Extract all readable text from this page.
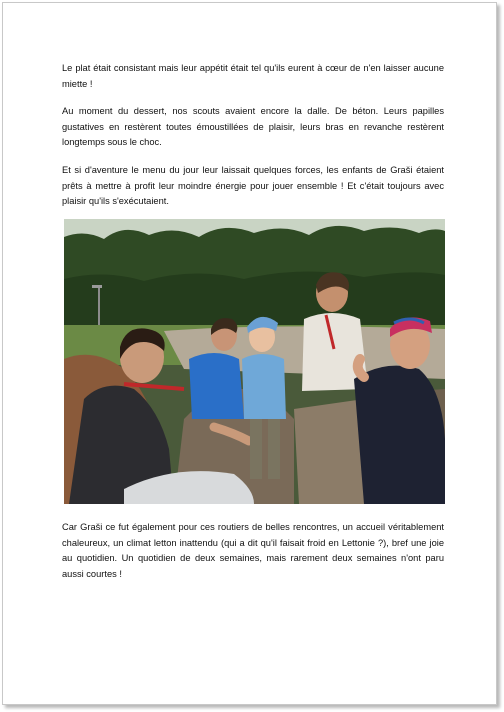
Le plat était consistant mais leur appétit était tel qu'ils eurent à cœur de n'en laisser aucune miette !

Au moment du dessert, nos scouts avaient encore la dalle. De béton. Leurs papilles gustatives en restèrent toutes émoustillées de plaisir, leurs bras en revanche restèrent longtemps sous le choc.

Et si d'aventure le menu du jour leur laissait quelques forces, les enfants de Graši étaient prêts à mettre à profit leur moindre énergie pour jouer ensemble ! Et c'était toujours avec plaisir qu'ils s'exécutaient.

Car Graši ce fut également pour ces routiers de belles rencontres, un accueil véritablement chaleureux, un climat letton inattendu (qui a dit qu'il faisait froid en Lettonie ?), bref une joie au quotidien. Un quotidien de deux semaines, mais rarement deux semaines n'ont paru aussi courtes !
